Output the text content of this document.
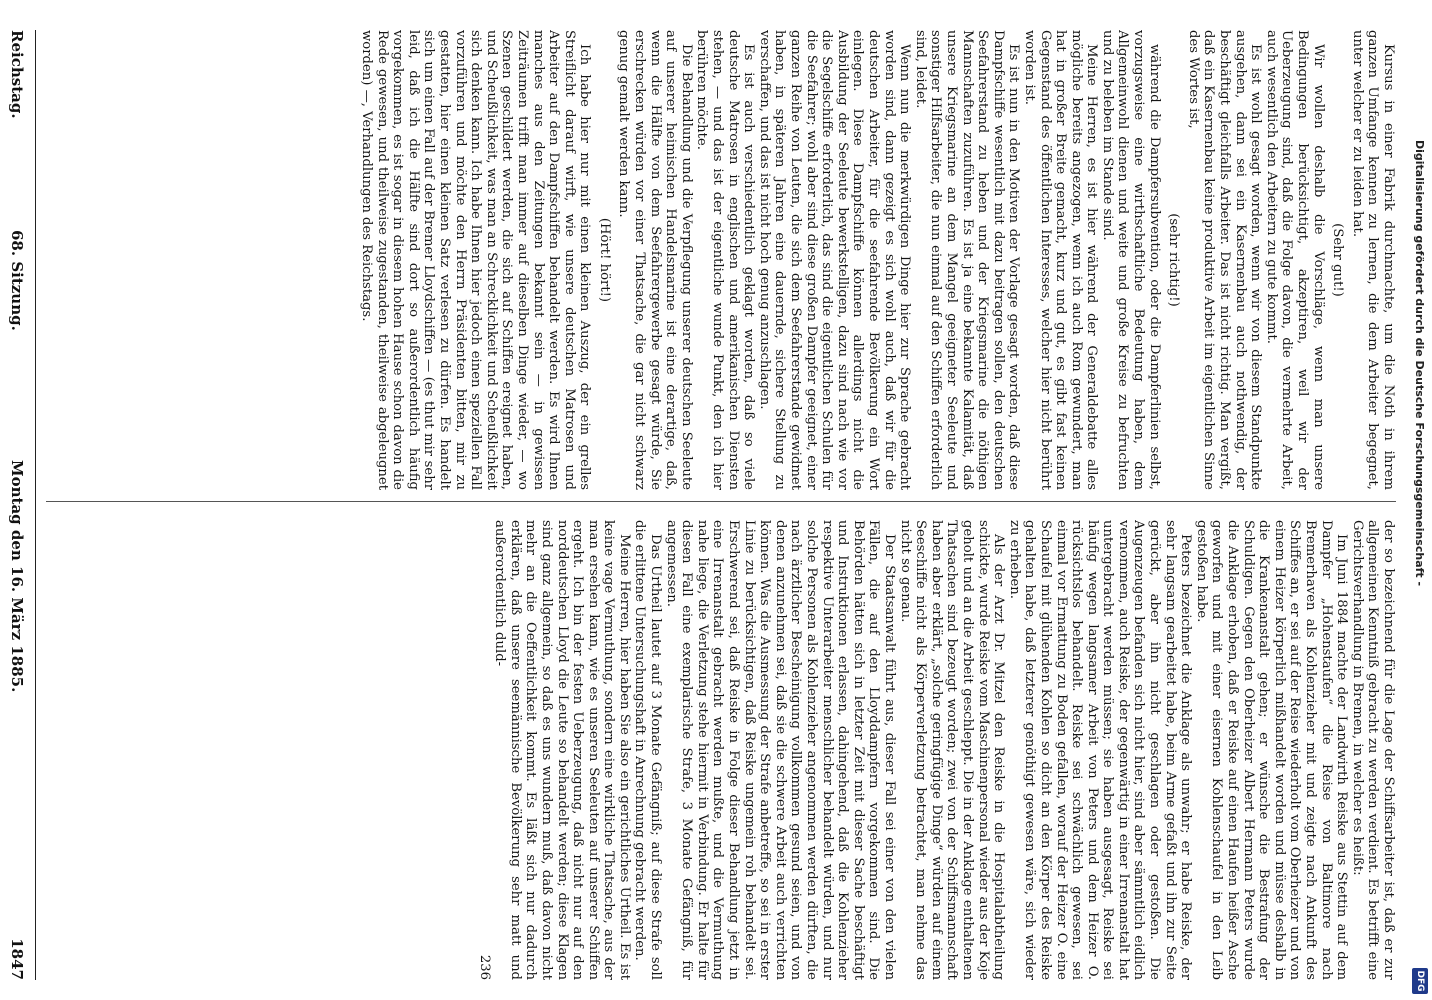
Digitalisierung gefördert durch die Deutsche Forschungsgemeinschaft -
DFG
Reichstag.
68. Sitzung.
Montag den 16. März 1885.
1847

Kursus in einer Fabrik durchmachte, um die Noth in ihrem ganzen Umfange kennen zu lernen, die dem Arbeiter begegnet, unter welcher er zu leiden hat.

(Sehr gut!)

Wir wollen deshalb die Vorschläge, wenn man unsere Bedingungen berücksichtigt, akzeptiren, weil wir der Ueberzeugung sind, daß die Folge davon, die vermehrte Arbeit, auch wesentlich den Arbeitern zu gute kommt.

Es ist wohl gesagt worden, wenn wir von diesem Standpunkte ausgehen, dann sei ein Kasernenbau auch nothwendig, der beschäftigt gleichfalls Arbeiter. Das ist nicht richtig. Man vergißt, daß ein Kasernenbau keine produktive Arbeit im eigentlichen Sinne des Wortes ist,

(sehr richtig!)

während die Dampfersubvention, oder die Dampferlinien selbst, vorzugsweise eine wirthschaftliche Bedeutung haben, dem Allgemeinwohl dienen und weite und große Kreise zu befruchten und zu beleben im Stande sind.

Meine Herren, es ist hier während der Generaldebatte alles mögliche bereits angezogen, wenn ich auch Rom gewundert, man hat in großer Breite gemacht, kurz und gut, es gibt fast keinen Gegenstand des öffentlichen Interesses, welcher hier nicht berührt worden ist.

Es ist nun in den Motiven der Vorlage gesagt worden, daß diese Dampfschiffe wesentlich mit dazu beitragen sollen, den deutschen Seefahrerstand zu heben und der Kriegsmarine die nöthigen Mannschaften zuzuführen. Es ist ja eine bekannte Kalamität, daß unsere Kriegsmarine an dem Mangel geeigneter Seeleute und sonstiger Hilfsarbeiter, die nun einmal auf den Schiffen erforderlich sind, leidet.

Wenn nun die merkwürdigen Dinge hier zur Sprache gebracht worden sind, dann gezeigt es sich wohl auch, daß wir für die deutschen Arbeiter, für die seefahrende Bevölkerung ein Wort einlegen. Diese Dampfschiffe können allerdings nicht die Ausbildung der Seeleute bewerkstelligen, dazu sind nach wie vor die Segelschiffe erforderlich, das sind die eigentlichen Schulen für die Seefahrer; wohl aber sind diese großen Dampfer geeignet, einer ganzen Reihe von Leuten, die sich dem Seefahrerstande gewidmet haben, in späteren Jahren eine dauernde, sichere Stellung zu verschaffen, und das ist nicht hoch genug anzuschlagen.

Es ist auch verschiedentlich geklagt worden, daß so viele deutsche Matrosen in englischen und amerikanischen Diensten stehen, — und das ist der eigentliche wunde Punkt, den ich hier berühren möchte.

Die Behandlung und die Verpflegung unserer deutschen Seeleute auf unserer heimischen Handelsmarine ist eine derartige, daß, wenn die Hälfte von dem Seefahrergewerbe gesagt würde, Sie erschrecken würden vor einer Thatsache, die gar nicht schwarz genug gemalt werden kann.

(Hört! hört!)

Ich habe hier nur mit einen kleinen Auszug, der ein grelles Streiflicht darauf wirft, wie unsere deutschen Matrosen und Arbeiter auf den Dampfschiffen behandelt werden. Es wird Ihnen manches aus den Zeitungen bekannt sein — in gewissen Zeiträumen trifft man immer auf dieselben Dinge wieder, — wo Szenen geschildert werden, die sich auf Schiffen ereignet haben, und Scheußlichkeit, was man an Schrecklichkeit und Scheußlichkeit sich denken kann. Ich habe Ihnen hier jedoch einen speziellen Fall vorzuführen und möchte den Herrn Präsidenten bitten, mir zu gestatten, hier einen kleinen Satz verlesen zu dürfen. Es handelt sich um einen Fall auf der Bremer Lloydschiffen — (es thut mir sehr leid, daß ich die Hälfte sind dort so außerordentlich häufig vorgekommen, es ist sogar in diesem hohen Hause schon davon die Rede gewesen, und theilweise zugestanden, theilweise abgeleugnet worden) —, Verhandlungen des Reichstags.

der so bezeichnend für die Lage der Schiffsarbeiter ist, daß er zur allgemeinen Kenntniß gebracht zu werden verdient. Es betrifft eine Gerichtsverhandlung in Bremen, in welcher es heißt:

Im Juni 1884 machte der Landwirth Reiske aus Stettin auf dem Dampfer „Hohenstaufen“ die Reise von Baltimore nach Bremerhaven als Kohlenzieher mit und zeigte nach Ankunft des Schiffes an, er sei auf der Reise wiederholt vom Oberheizer und von einem Heizer körperlich mißhandelt worden und müsse deshalb in die Krankenanstalt gehen; er wünsche die Bestrafung der Schuldigen. Gegen den Oberheizer Albert Hermann Peters wurde die Anklage erhoben, daß er Reiske auf einen Haufen heißer Asche geworfen und mit einer eisernen Kohlenschaufel in den Leib gestoßen habe.

Peters bezeichnet die Anklage als unwahr; er habe Reiske, der sehr langsam gearbeitet habe, beim Arme gefaßt und ihn zur Seite gerückt, aber ihn nicht geschlagen oder gestoßen. Die Augenzeugen befanden sich nicht hier, sind aber sämmtlich eidlich vernommen, auch Reiske, der gegenwärtig in einer Irrenanstalt hat untergebracht werden müssen; sie haben ausgesagt, Reiske sei häufig wegen langsamer Arbeit von Peters und dem Heizer O. rücksichtslos behandelt. Reiske sei schwächlich gewesen, sei einmal vor Ermattung zu Boden gefallen, worauf der Heizer O. eine Schaufel mit glühenden Kohlen so dicht an den Körper des Reiske gehalten habe, daß letzterer genöthigt gewesen wäre, sich wieder zu erheben.

Als der Arzt Dr. Mitzel den Reiske in die Hospitalabtheilung schickte, wurde Reiske vom Maschinenpersonal wieder aus der Koje geholt und an die Arbeit geschleppt. Die in der Anklage enthaltenen Thatsachen sind bezeugt worden; zwei von der Schiffsmannschaft haben aber erklärt, „solche geringfügige Dinge“ würden auf einem Seeschiffe nicht als Körperverletzung betrachtet, man nehme das nicht so genau.

Der Staatsanwalt führt aus, dieser Fall sei einer von den vielen Fällen, die auf den Lloyddampfern vorgekommen sind. Die Behörden hätten sich in letzter Zeit mit dieser Sache beschäftigt und Instruktionen erlassen, dahingehend, daß die Kohlenzieher respektive Unterarbeiter menschlicher behandelt würden, und nur solche Personen als Kohlenzieher angenommen werden dürften, die nach ärztlicher Bescheinigung vollkommen gesund seien, und von denen anzunehmen sei, daß sie die schwere Arbeit auch verrichten können. Was die Ausmessung der Strafe anbetreffe, so sei in erster Linie zu berücksichtigen, daß Reiske ungemein roh behandelt sei. Erschwerend sei, daß Reiske in Folge dieser Behandlung jetzt in eine Irrenanstalt gebracht werden mußte, und die Vermuthung nahe liege, die Verletzung stehe hiermit in Verbindung. Er halte für diesen Fall eine exemplarische Strafe, 3 Monate Gefängniß, für angemessen.

Das Urtheil lautet auf 3 Monate Gefängniß; auf diese Strafe soll die erlittene Untersuchungshaft in Anrechnung gebracht werden.

Meine Herren, hier haben Sie also ein gerichtliches Urtheil. Es ist keine vage Vermuthung, sondern eine wirkliche Thatsache, aus der man ersehen kann, wie es unseren Seeleuten auf unserer Schiffen ergeht. Ich bin der festen Ueberzeugung, daß nicht nur auf den norddeutschen Lloyd die Leute so behandelt werden; diese Klagen sind ganz allgemein, so daß es uns wundern muß, daß davon nicht mehr an die Oeffentlichkeit kommt. Es läßt sich nur dadurch erklären, daß unsere seemännische Bevölkerung sehr matt und außerordentlich duld-

236
